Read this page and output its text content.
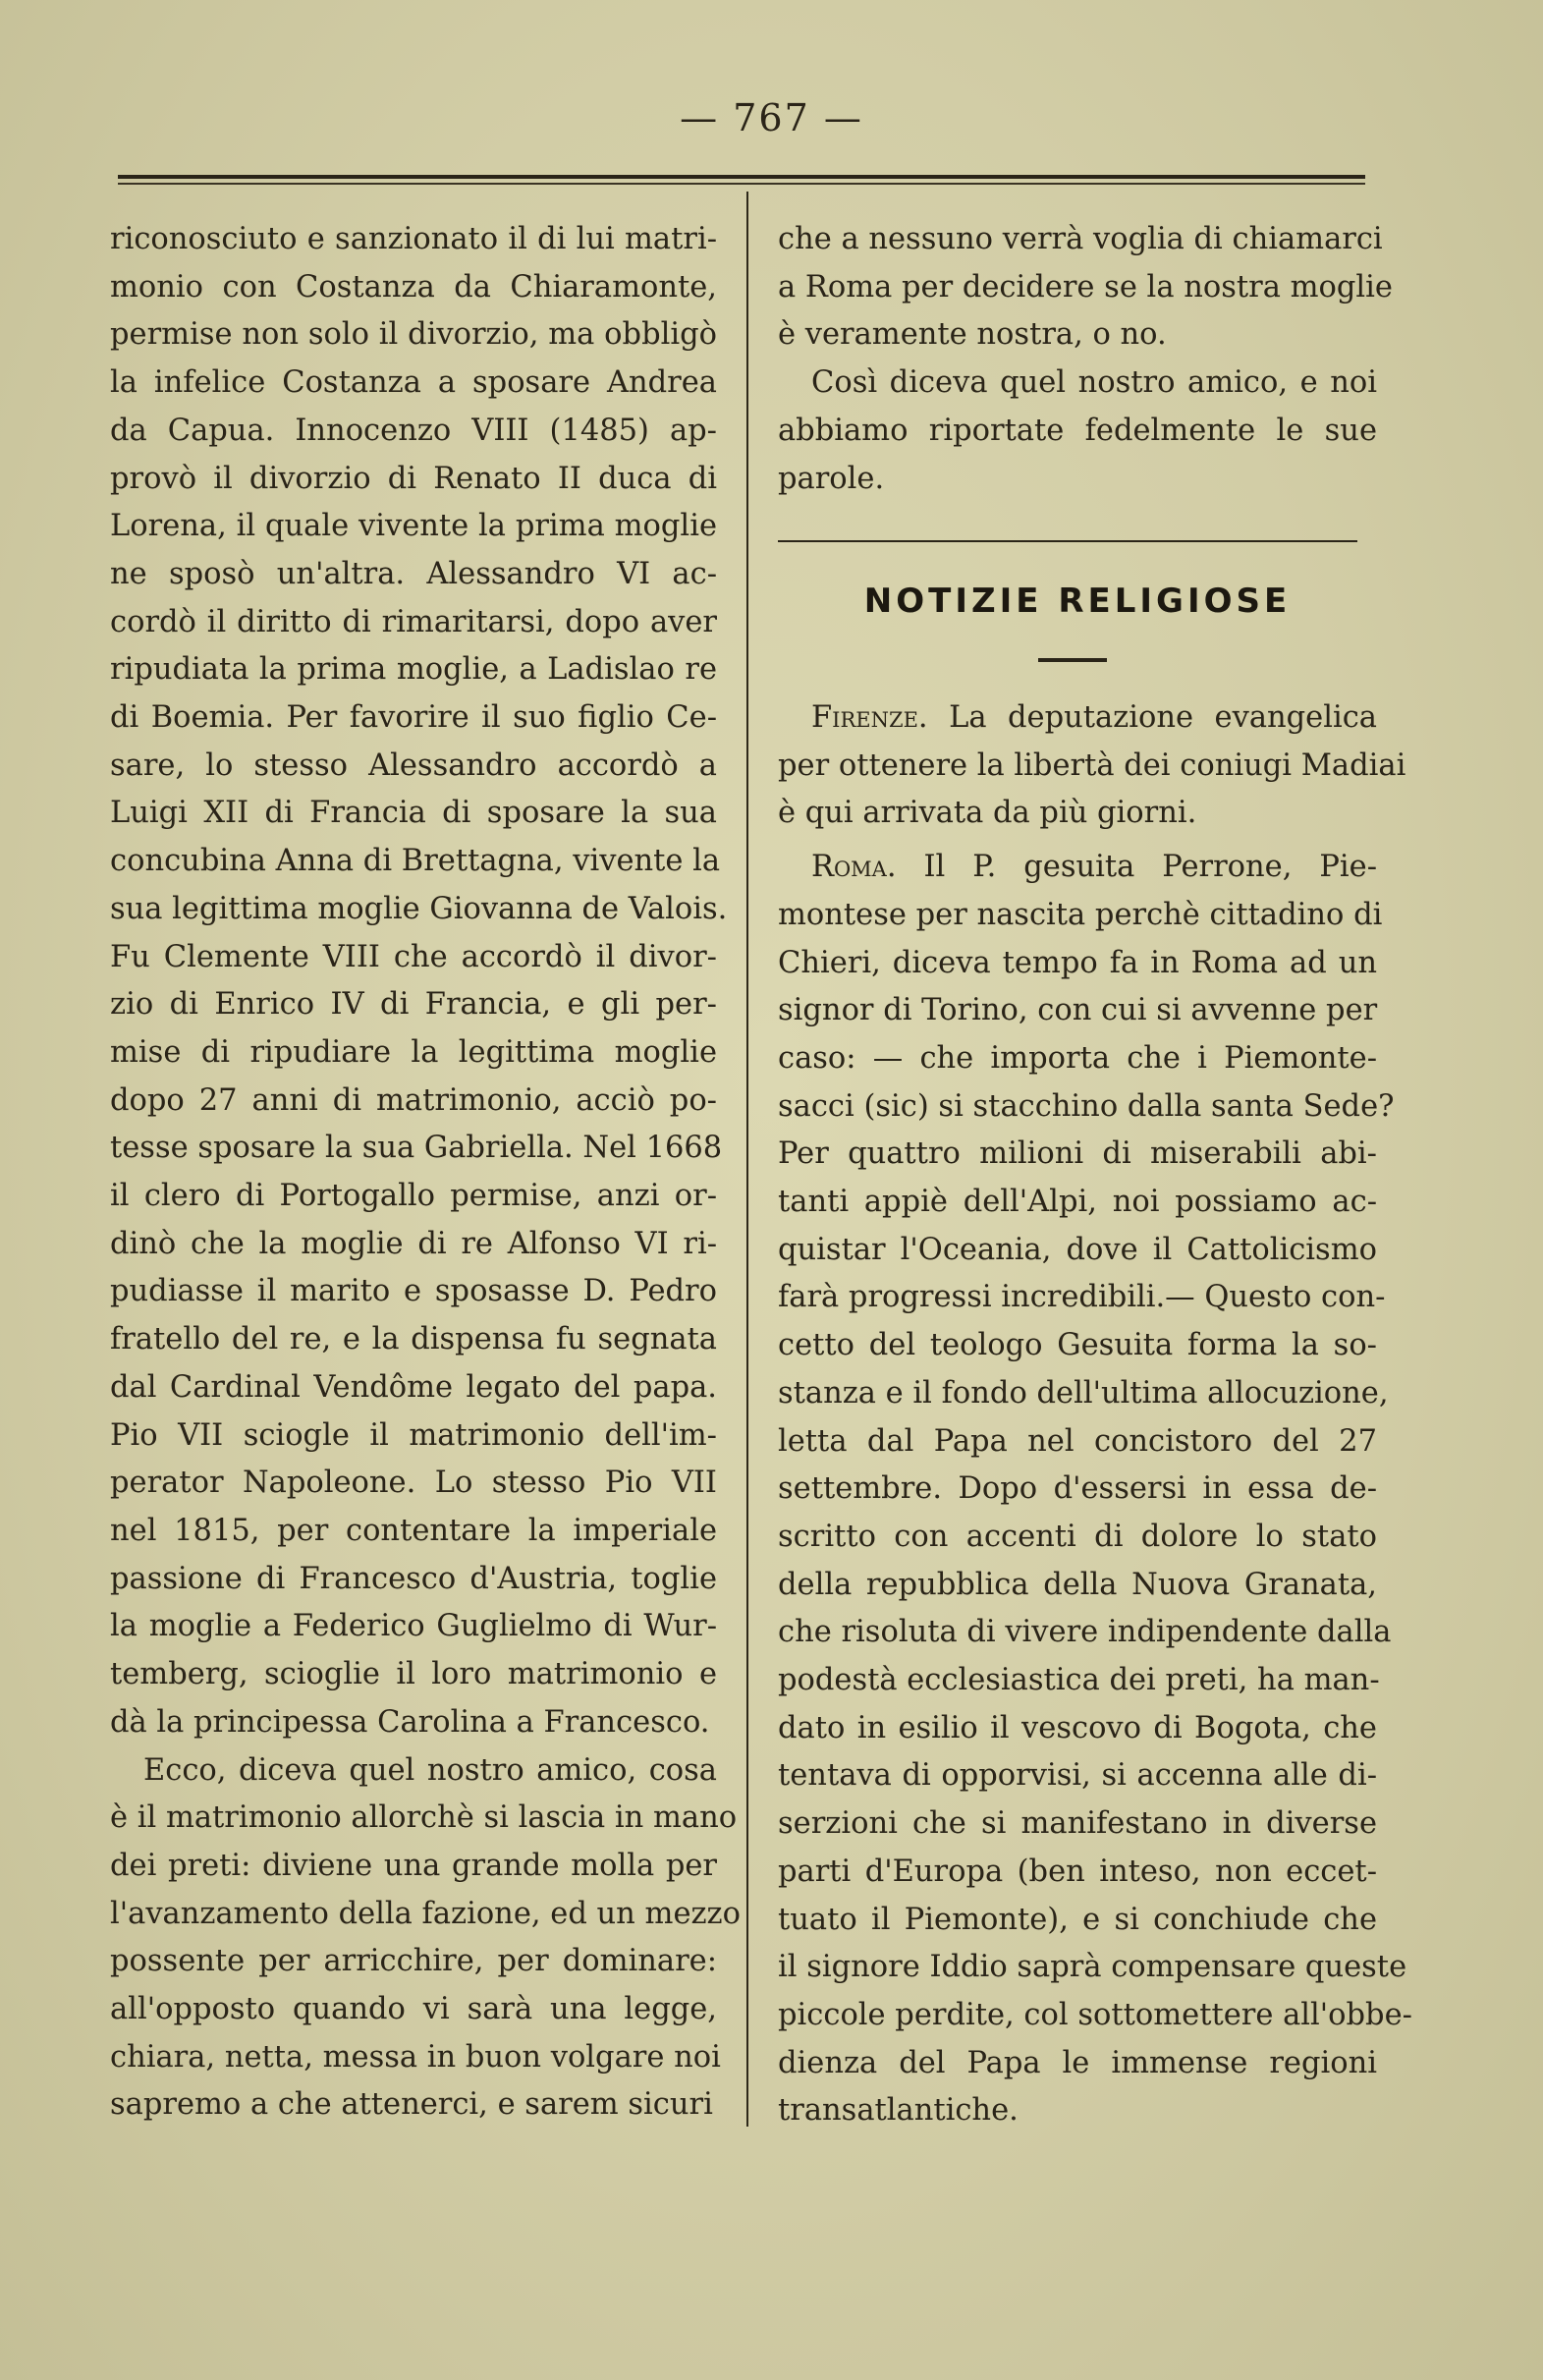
— 767 —
riconosciuto e sanzionato il di lui matri-
monio con Costanza da Chiaramonte,
permise non solo il divorzio, ma obbligò
la infelice Costanza a sposare Andrea
da Capua. Innocenzo VIII (1485) ap-
provò il divorzio di Renato II duca di
Lorena, il quale vivente la prima moglie
ne sposò un'altra. Alessandro VI ac-
cordò il diritto di rimaritarsi, dopo aver
ripudiata la prima moglie, a Ladislao re
di Boemia. Per favorire il suo figlio Ce-
sare, lo stesso Alessandro accordò a
Luigi XII di Francia di sposare la sua
concubina Anna di Brettagna, vivente la
sua legittima moglie Giovanna de Valois.
Fu Clemente VIII che accordò il divor-
zio di Enrico IV di Francia, e gli per-
mise di ripudiare la legittima moglie
dopo 27 anni di matrimonio, acciò po-
tesse sposare la sua Gabriella. Nel 1668
il clero di Portogallo permise, anzi or-
dinò che la moglie di re Alfonso VI ri-
pudiasse il marito e sposasse D. Pedro
fratello del re, e la dispensa fu segnata
dal Cardinal Vendôme legato del papa.
Pio VII sciogle il matrimonio dell'im-
perator Napoleone. Lo stesso Pio VII
nel 1815, per contentare la imperiale
passione di Francesco d'Austria, toglie
la moglie a Federico Guglielmo di Wur-
temberg, scioglie il loro matrimonio e
dà la principessa Carolina a Francesco.
Ecco, diceva quel nostro amico, cosa
è il matrimonio allorchè si lascia in mano
dei preti: diviene una grande molla per
l'avanzamento della fazione, ed un mezzo
possente per arricchire, per dominare:
all'opposto quando vi sarà una legge,
chiara, netta, messa in buon volgare noi
sapremo a che attenerci, e sarem sicuri
che a nessuno verrà voglia di chiamarci
a Roma per decidere se la nostra moglie
è veramente nostra, o no.
Così diceva quel nostro amico, e noi
abbiamo riportate fedelmente le sue
parole.
NOTIZIE RELIGIOSE
Firenze. La deputazione evangelica
per ottenere la libertà dei coniugi Madiai
è qui arrivata da più giorni.
Roma. Il P. gesuita Perrone, Pie-
montese per nascita perchè cittadino di
Chieri, diceva tempo fa in Roma ad un
signor di Torino, con cui si avvenne per
caso: — che importa che i Piemonte-
sacci (sic) si stacchino dalla santa Sede?
Per quattro milioni di miserabili abi-
tanti appiè dell'Alpi, noi possiamo ac-
quistar l'Oceania, dove il Cattolicismo
farà progressi incredibili.— Questo con-
cetto del teologo Gesuita forma la so-
stanza e il fondo dell'ultima allocuzione,
letta dal Papa nel concistoro del 27
settembre. Dopo d'essersi in essa de-
scritto con accenti di dolore lo stato
della repubblica della Nuova Granata,
che risoluta di vivere indipendente dalla
podestà ecclesiastica dei preti, ha man-
dato in esilio il vescovo di Bogota, che
tentava di opporvisi, si accenna alle di-
serzioni che si manifestano in diverse
parti d'Europa (ben inteso, non eccet-
tuato il Piemonte), e si conchiude che
il signore Iddio saprà compensare queste
piccole perdite, col sottomettere all'obbe-
dienza del Papa le immense regioni
transatlantiche.
